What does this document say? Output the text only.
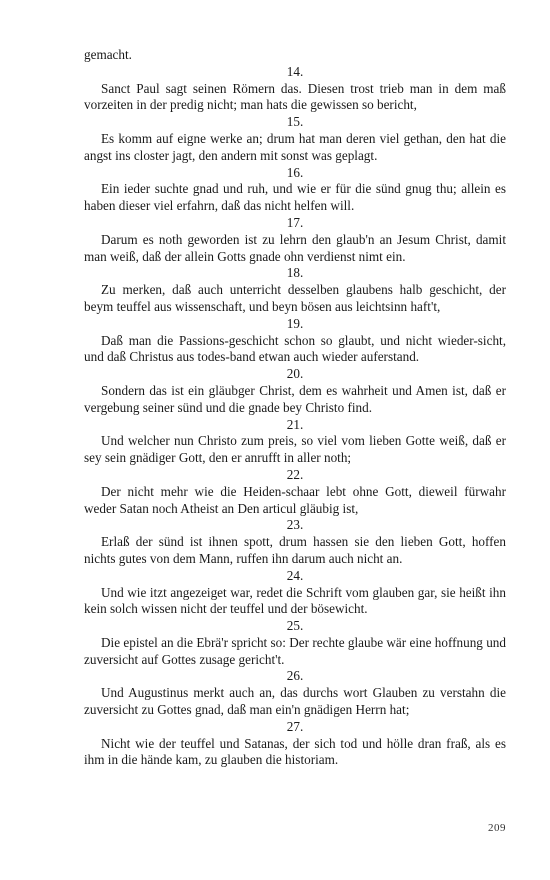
gemacht.

14.

Sanct Paul sagt seinen Römern das. Diesen trost trieb man in dem maß vorzeiten in der predig nicht; man hats die gewissen so bericht,

15.

Es komm auf eigne werke an; drum hat man deren viel gethan, den hat die angst ins closter jagt, den andern mit sonst was geplagt.

16.

Ein ieder suchte gnad und ruh, und wie er für die sünd gnug thu; allein es haben dieser viel erfahrn, daß das nicht helfen will.

17.

Darum es noth geworden ist zu lehrn den glaub'n an Jesum Christ, damit man weiß, daß der allein Gotts gnade ohn verdienst nimt ein.

18.

Zu merken, daß auch unterricht desselben glaubens halb geschicht, der beym teuffel aus wissenschaft, und beyn bösen aus leichtsinn haft't,

19.

Daß man die Passions-geschicht schon so glaubt, und nicht wieder-sicht, und daß Christus aus todes-band etwan auch wieder auferstand.

20.

Sondern das ist ein gläubger Christ, dem es wahrheit und Amen ist, daß er vergebung seiner sünd und die gnade bey Christo find.

21.

Und welcher nun Christo zum preis, so viel vom lieben Gotte weiß, daß er sey sein gnädiger Gott, den er anrufft in aller noth;

22.

Der nicht mehr wie die Heiden-schaar lebt ohne Gott, dieweil fürwahr weder Satan noch Atheist an Den articul gläubig ist,

23.

Erlaß der sünd ist ihnen spott, drum hassen sie den lieben Gott, hoffen nichts gutes von dem Mann, ruffen ihn darum auch nicht an.

24.

Und wie itzt angezeiget war, redet die Schrift vom glauben gar, sie heißt ihn kein solch wissen nicht der teuffel und der bösewicht.

25.

Die epistel an die Ebrä'r spricht so: Der rechte glaube wär eine hoffnung und zuversicht auf Gottes zusage gericht't.

26.

Und Augustinus merkt auch an, das durchs wort Glauben zu verstahn die zuversicht zu Gottes gnad, daß man ein'n gnädigen Herrn hat;

27.

Nicht wie der teuffel und Satanas, der sich tod und hölle dran fraß, als es ihm in die hände kam, zu glauben die historiam.

209
